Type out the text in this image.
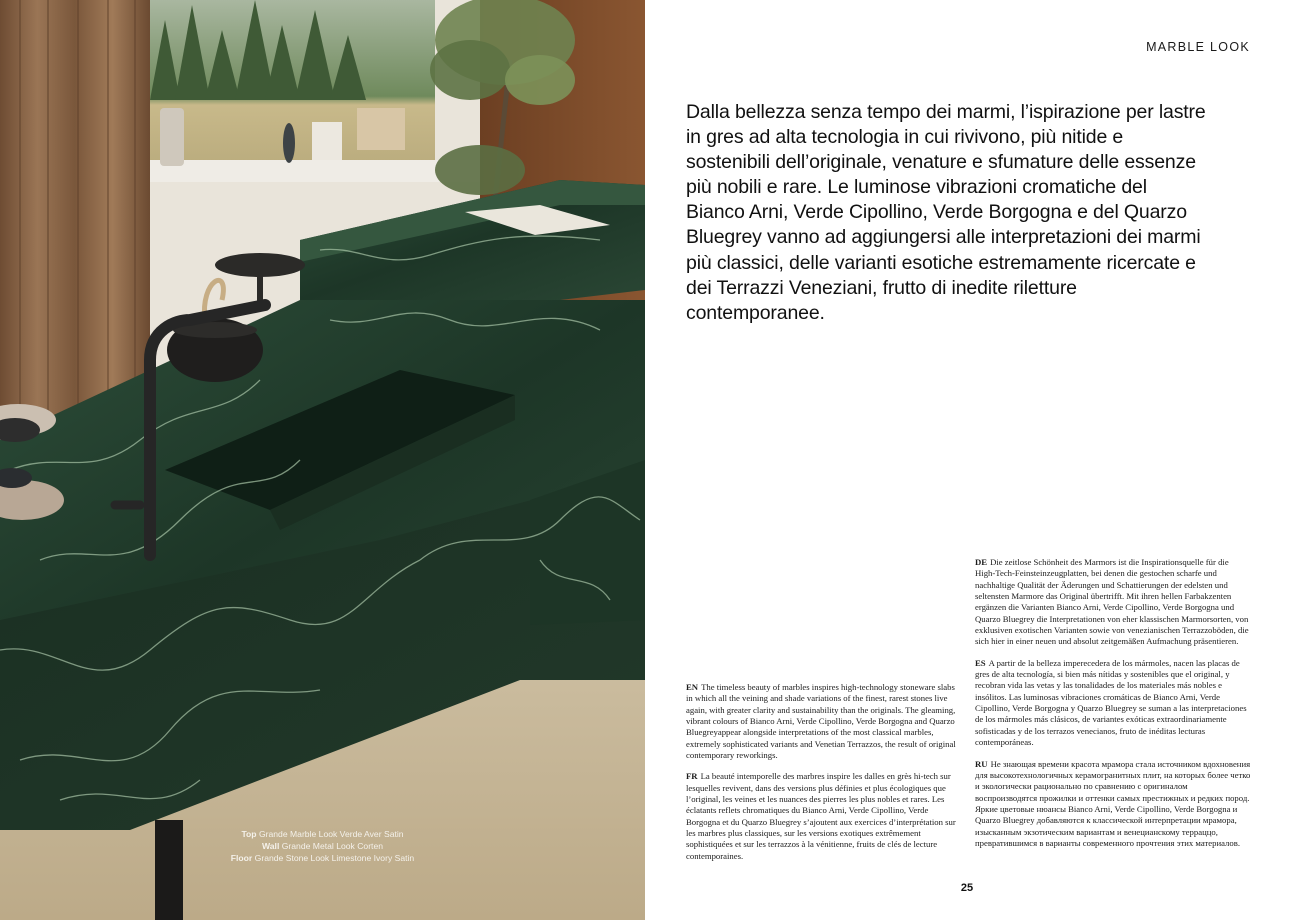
Top Grande Marble Look Verde Aver Satin
Wall Grande Metal Look Corten
Floor Grande Stone Look Limestone Ivory Satin
MARBLE LOOK
Dalla bellezza senza tempo dei marmi, l’ispirazione per lastre in gres ad alta tecnologia in cui rivivono, più nitide e sostenibili dell’originale, venature e sfumature delle essenze più nobili e rare. Le luminose vibrazioni cromatiche del Bianco Arni, Verde Cipollino, Verde Borgogna e del Quarzo Bluegrey vanno ad aggiungersi alle interpretazioni dei marmi più classici, delle varianti esotiche estremamente ricercate e dei Terrazzi Veneziani, frutto di inedite riletture contemporanee.

EN The timeless beauty of marbles inspires high-technology stoneware slabs in which all the veining and shade variations of the finest, rarest stones live again, with greater clarity and sustainability than the originals. The gleaming, vibrant colours of Bianco Arni, Verde Cipollino, Verde Borgogna and Quarzo Bluegreyappear alongside interpretations of the most classical marbles, extremely sophisticated variants and Venetian Terrazzos, the result of original contemporary reworkings.

FR La beauté intemporelle des marbres inspire les dalles en grès hi-tech sur lesquelles revivent, dans des versions plus définies et plus écologiques que l’original, les veines et les nuances des pierres les plus nobles et rares. Les éclatants reflets chromatiques du Bianco Arni, Verde Cipollino, Verde Borgogna et du Quarzo Bluegrey s’ajoutent aux exercices d’interprétation sur les marbres plus classiques, sur les versions exotiques extrêmement sophistiquées et sur les terrazzos à la vénitienne, fruits de clés de lecture contemporaines.

DE Die zeitlose Schönheit des Marmors ist die Inspirationsquelle für die High-Tech-Feinsteinzeugplatten, bei denen die gestochen scharfe und nachhaltige Qualität der Äderungen und Schattierungen der edelsten und seltensten Marmore das Original übertrifft. Mit ihren hellen Farbakzenten ergänzen die Varianten Bianco Arni, Verde Cipollino, Verde Borgogna und Quarzo Bluegrey die Interpretationen von eher klassischen Marmorsorten, von exklusiven exotischen Varianten sowie von venezianischen Terrazzoböden, die sich hier in einer neuen und absolut zeitgemäßen Aufmachung präsentieren.

ES A partir de la belleza imperecedera de los mármoles, nacen las placas de gres de alta tecnología, si bien más nítidas y sostenibles que el original, y recobran vida las vetas y las tonalidades de los materiales más nobles e insólitos. Las luminosas vibraciones cromáticas de Bianco Arni, Verde Cipollino, Verde Borgogna y Quarzo Bluegrey se suman a las interpretaciones de los mármoles más clásicos, de variantes exóticas extraordinariamente sofisticadas y de los terrazos venecianos, fruto de inéditas lecturas contemporáneas.

RU Не знающая времени красота мрамора стала источником вдохновения для высокотехнологичных керамогранитных плит, на которых более четко и экологически рационально по сравнению с оригиналом воспроизводятся прожилки и оттенки самых престижных и редких пород. Яркие цветовые нюансы Bianco Arni, Verde Cipollino, Verde Borgogna и Quarzo Bluegrey добавляются к классической интерпретации мрамора, изысканным экзотическим вариантам и венецианскому терраццо, превратившимся в варианты современного прочтения этих материалов.

25
